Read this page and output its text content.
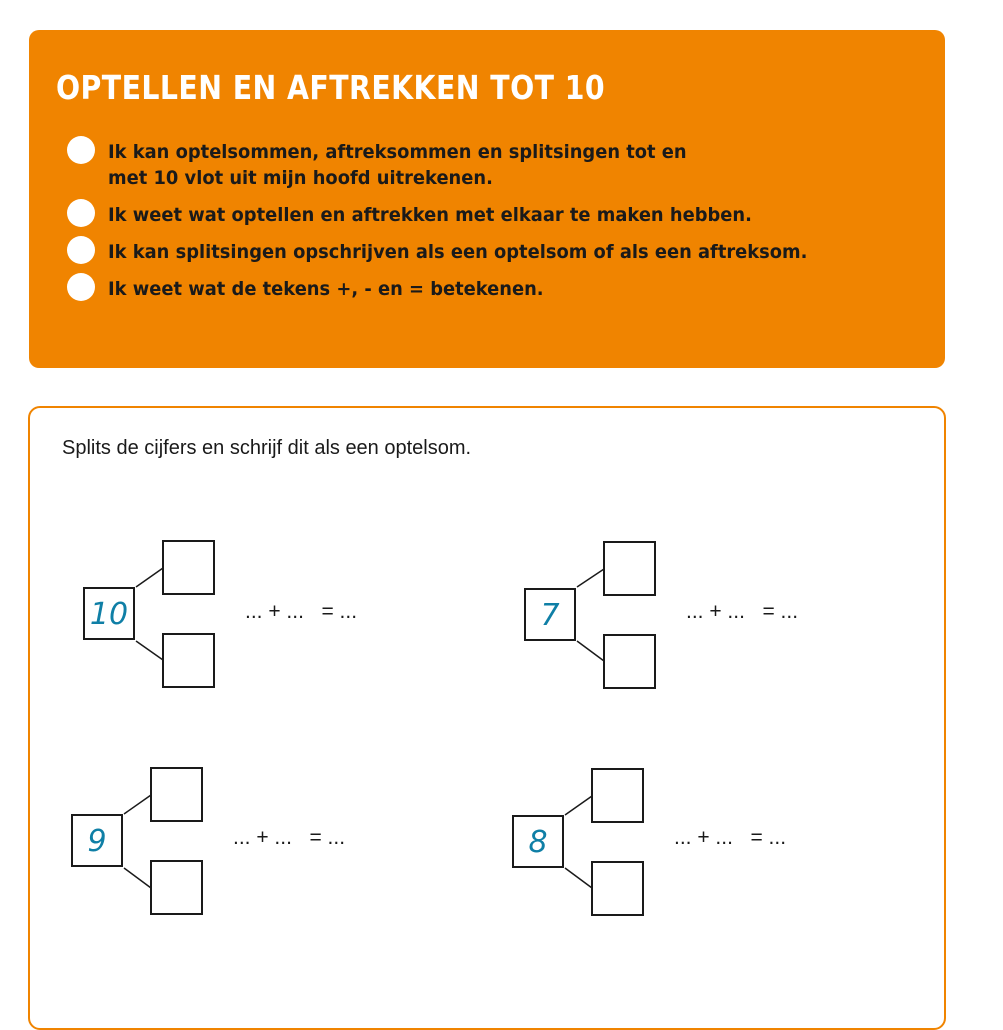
OPTELLEN EN AFTREKKEN TOT 10
Ik kan optelsommen, aftreksommen en splitsingen tot en met 10 vlot uit mijn hoofd uitrekenen.
Ik weet wat optellen en aftrekken met elkaar te maken hebben.
Ik kan splitsingen opschrijven als een optelsom of als een aftreksom.
Ik weet wat de tekens +, - en = betekenen.

Splits de cijfers en schrijf dit als een optelsom.

10	... + ...   = ...	7	... + ...   = ...
9	... + ...   = ...	8	... + ...   = ...
